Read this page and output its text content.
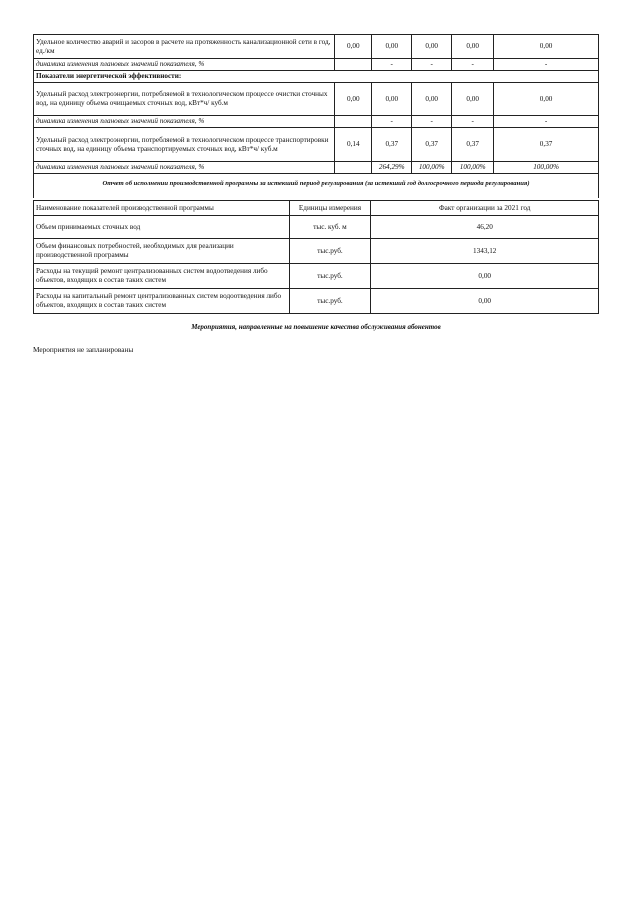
Удельное количество аварий и засоров в расчете на протяженность канализационной сети в год, ед./км	0,00	0,00	0,00	0,00	0,00
динамика изменения плановых значений показателя, %		-	-	-	-
Показатели энергетической эффективности:					
Удельный расход электроэнергии, потребляемой в технологическом процессе очистки сточных вод, на единицу объема очищаемых сточных вод, кВт*ч/ куб.м	0,00	0,00	0,00	0,00	0,00
динамика изменения плановых значений показателя, %		-	-	-	-
Удельный расход электроэнергии, потребляемой в технологическом процессе транспортировки сточных вод, на единицу объема транспортируемых сточных вод, кВт*ч/ куб.м	0,14	0,37	0,37	0,37	0,37
динамика изменения плановых значений показателя, %		264,29%	100,00%	100,00%	100,00%
Отчет об исполнении производственной программы за истекший период регулирования (за истекший год долгосрочного периода регулирования)
Наименование показателей производственной программы	Единицы измерения	Факт организации за 2021 год
Объем принимаемых сточных вод	тыс. куб. м	46,20
Объем финансовых потребностей, необходимых для реализации производственной программы	тыс.руб.	1343,12
Расходы на текущий ремонт централизованных систем водоотведения либо объектов, входящих в состав таких систем	тыс.руб.	0,00
Расходы на капитальный ремонт централизованных систем водоотведения либо объектов, входящих в состав таких систем	тыс.руб.	0,00
Мероприятия, направленные на повышение качества обслуживания абонентов
Мероприятия не запланированы
